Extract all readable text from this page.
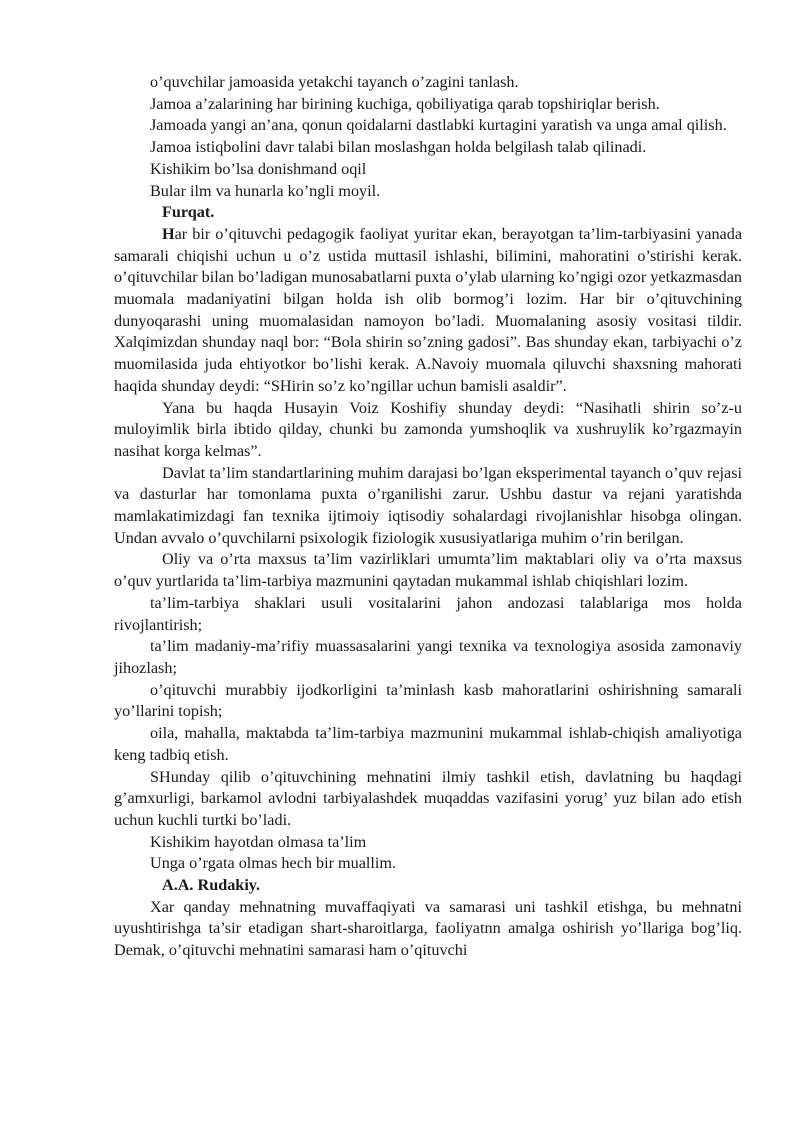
o’quvchilar jamoasida yetakchi tayanch o’zagini tanlash.

Jamoa a’zalarining har birining kuchiga, qobiliyatiga qarab topshiriqlar berish.

Jamoada yangi an’ana, qonun qoidalarni dastlabki kurtagini yaratish va unga amal qilish.

Jamoa istiqbolini davr talabi bilan moslashgan holda belgilash talab qilinadi.

Kishikim bo’lsa donishmand oqil

Bular ilm va hunarla ko’ngli moyil.

Furqat.

Har bir o’qituvchi pedagogik faoliyat yuritar ekan, berayotgan ta’lim-tarbiyasini yanada samarali chiqishi uchun u o’z ustida muttasil ishlashi, bilimini, mahoratini o’stirishi kerak. o’qituvchilar bilan bo’ladigan munosabatlarni puxta o’ylab ularning ko’ngigi ozor yetkazmasdan muomala madaniyatini bilgan holda ish olib bormog’i lozim. Har bir o’qituvchining dunyoqarashi uning muomalasidan namoyon bo’ladi. Muomalaning asosiy vositasi tildir. Xalqimizdan shunday naql bor: “Bola shirin so’zning gadosi”. Bas shunday ekan, tarbiyachi o’z muomilasida juda ehtiyotkor bo’lishi kerak. A.Navoiy muomala qiluvchi shaxsning mahorati haqida shunday deydi: “SHirin so’z ko’ngillar uchun bamisli asaldir”.

Yana bu haqda Husayin Voiz Koshifiy shunday deydi: “Nasihatli shirin so’z-u muloyimlik birla ibtido qilday, chunki bu zamonda yumshoqlik va xushruylik ko’rgazmayin nasihat korga kelmas”.

Davlat ta’lim standartlarining muhim darajasi bo’lgan eksperimental tayanch o’quv rejasi va dasturlar har tomonlama puxta o’rganilishi zarur. Ushbu dastur va rejani yaratishda mamlakatimizdagi fan texnika ijtimoiy iqtisodiy sohalardagi rivojlanishlar hisobga olingan. Undan avvalo o’quvchilarni psixologik fiziologik xususiyatlariga muhim o’rin berilgan.

Oliy va o’rta maxsus ta’lim vazirliklari umumta’lim maktablari oliy va o’rta maxsus o’quv yurtlarida ta’lim-tarbiya mazmunini qaytadan mukammal ishlab chiqishlari lozim.

ta’lim-tarbiya shaklari usuli vositalarini jahon andozasi talablariga mos holda rivojlantirish;

ta’lim madaniy-ma’rifiy muassasalarini yangi texnika va texnologiya asosida zamonaviy jihozlash;

o’qituvchi murabbiy ijodkorligini ta’minlash kasb mahoratlarini oshirishning samarali yo’llarini topish;

oila, mahalla, maktabda ta’lim-tarbiya mazmunini mukammal ishlab-chiqish amaliyotiga keng tadbiq etish.

SHunday qilib o’qituvchining mehnatini ilmiy tashkil etish, davlatning bu haqdagi g’amxurligi, barkamol avlodni tarbiyalashdek muqaddas vazifasini yorug’ yuz bilan ado etish uchun kuchli turtki bo’ladi.

Kishikim hayotdan olmasa ta’lim

Unga o’rgata olmas hech bir muallim.

A.A. Rudakiy.

Xar qanday mehnatning muvaffaqiyati va samarasi uni tashkil etishga, bu mehnatni uyushtirishga ta’sir etadigan shart-sharoitlarga, faoliyatnn amalga oshirish yo’llariga bog’liq. Demak, o’qituvchi mehnatini samarasi ham o’qituvchi
